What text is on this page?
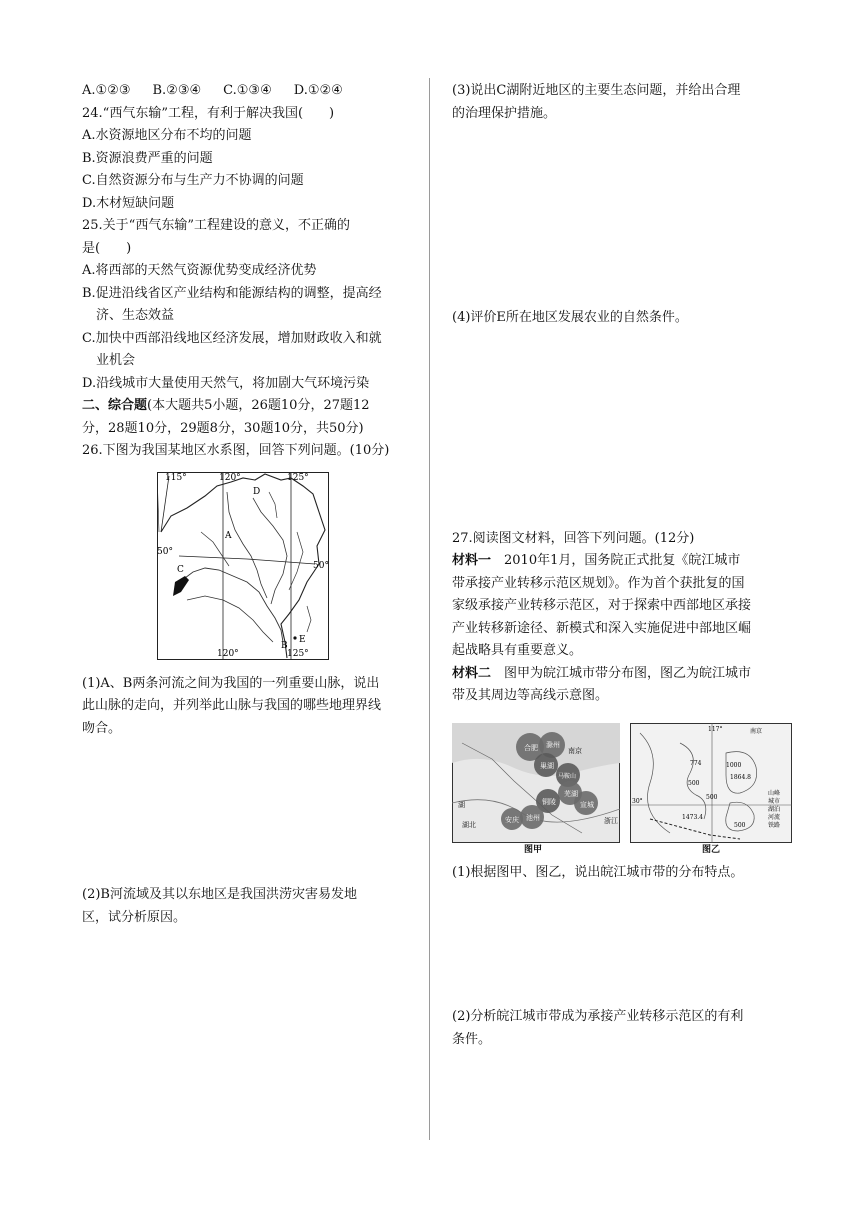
A.①②③ B.②③④ C.①③④ D.①②④
24.“西气东输”工程，有利于解决我国(　　)
A.水资源地区分布不均的问题
B.资源浪费严重的问题
C.自然资源分布与生产力不协调的问题
D.木材短缺问题
25.关于“西气东输”工程建设的意义，不正确的
是(　　)
A.将西部的天然气资源优势变成经济优势
B.促进沿线省区产业结构和能源结构的调整，提高经
济、生态效益
C.加快中西部沿线地区经济发展，增加财政收入和就
业机会
D.沿线城市大量使用天然气，将加剧大气环境污染
二、综合题(本大题共5小题，26题10分，27题12
分，28题10分，29题8分，30题10分，共50分)
26.下图为我国某地区水系图，回答下列问题。(10分)
(1)A、B两条河流之间为我国的一列重要山脉，说出
此山脉的走向，并列举此山脉与我国的哪些地理界线
吻合。
(2)B河流域及其以东地区是我国洪涝灾害易发地
区，试分析原因。
115°	120°	125°
120°	125°
50°
50°
A
B
C
D
E
(3)说出C湖附近地区的主要生态问题，并给出合理
的治理保护措施。
(4)评价E所在地区发展农业的自然条件。
27.阅读图文材料，回答下列问题。(12分)
材料一　2010年1月，国务院正式批复《皖江城市
带承接产业转移示范区规划》。作为首个获批复的国
家级承接产业转移示范区，对于探索中西部地区承接
产业转移新途径、新模式和深入实施促进中部地区崛
起战略具有重要意义。
材料二　图甲为皖江城市带分布图，图乙为皖江城市
带及其周边等高线示意图。
(1)根据图甲、图乙，说出皖江城市带的分布特点。
(2)分析皖江城市带成为承接产业转移示范区的有利
条件。
合肥 滁州
南京
巢湖
马鞍山
芜湖
宣城
铜陵
池州
安庆
湖
湖北	浙江
117°
30°
南京
774
1864.8
1473.4
1000
500
500
500
山峰
城市
湖泊
河流
铁路
图甲	图乙
